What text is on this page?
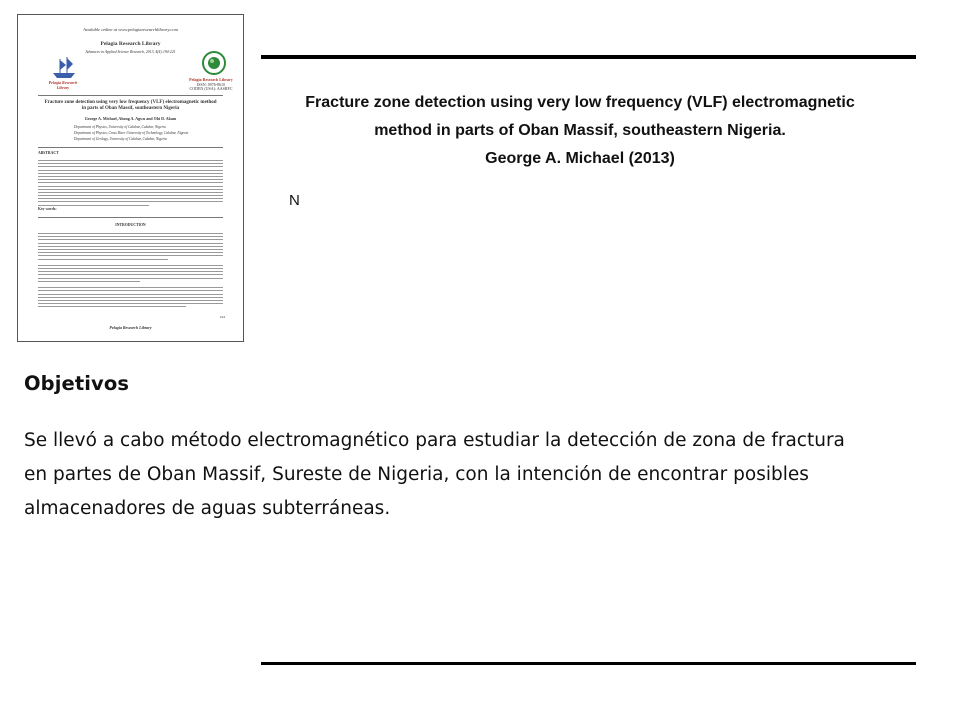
Available online at www.pelagiaresearchlibrary.com
Pelagia Research Library
Advances in Applied Science Research, 2013, 4(4):194-221
Pelagia Research Library
Pelagia Research Library
ISSN: 0976-8610
CODEN (USA): AASRFC
Fracture zone detection using very low frequency (VLF) electromagnetic method in parts of Oban Massif, southeastern Nigeria
George A. Michael, Abong A. Agwu and Obi D. Akam
Department of Physics, University of Calabar, Calabar, Nigeria
Department of Physics, Cross River University of Technology, Calabar, Nigeria
Department of Geology, University of Calabar, Calabar, Nigeria
ABSTRACT
Key words:
INTRODUCTION
194
Pelagia Research Library
Fracture zone detection using very low frequency (VLF) electromagnetic
method in parts of Oban Massif, southeastern Nigeria.
George A. Michael (2013)
N
Objetivos
Se llevó a cabo método electromagnético para estudiar la detección de zona de fractura
en partes de Oban Massif, Sureste de Nigeria, con la intención de encontrar posibles
almacenadores de aguas subterráneas.
